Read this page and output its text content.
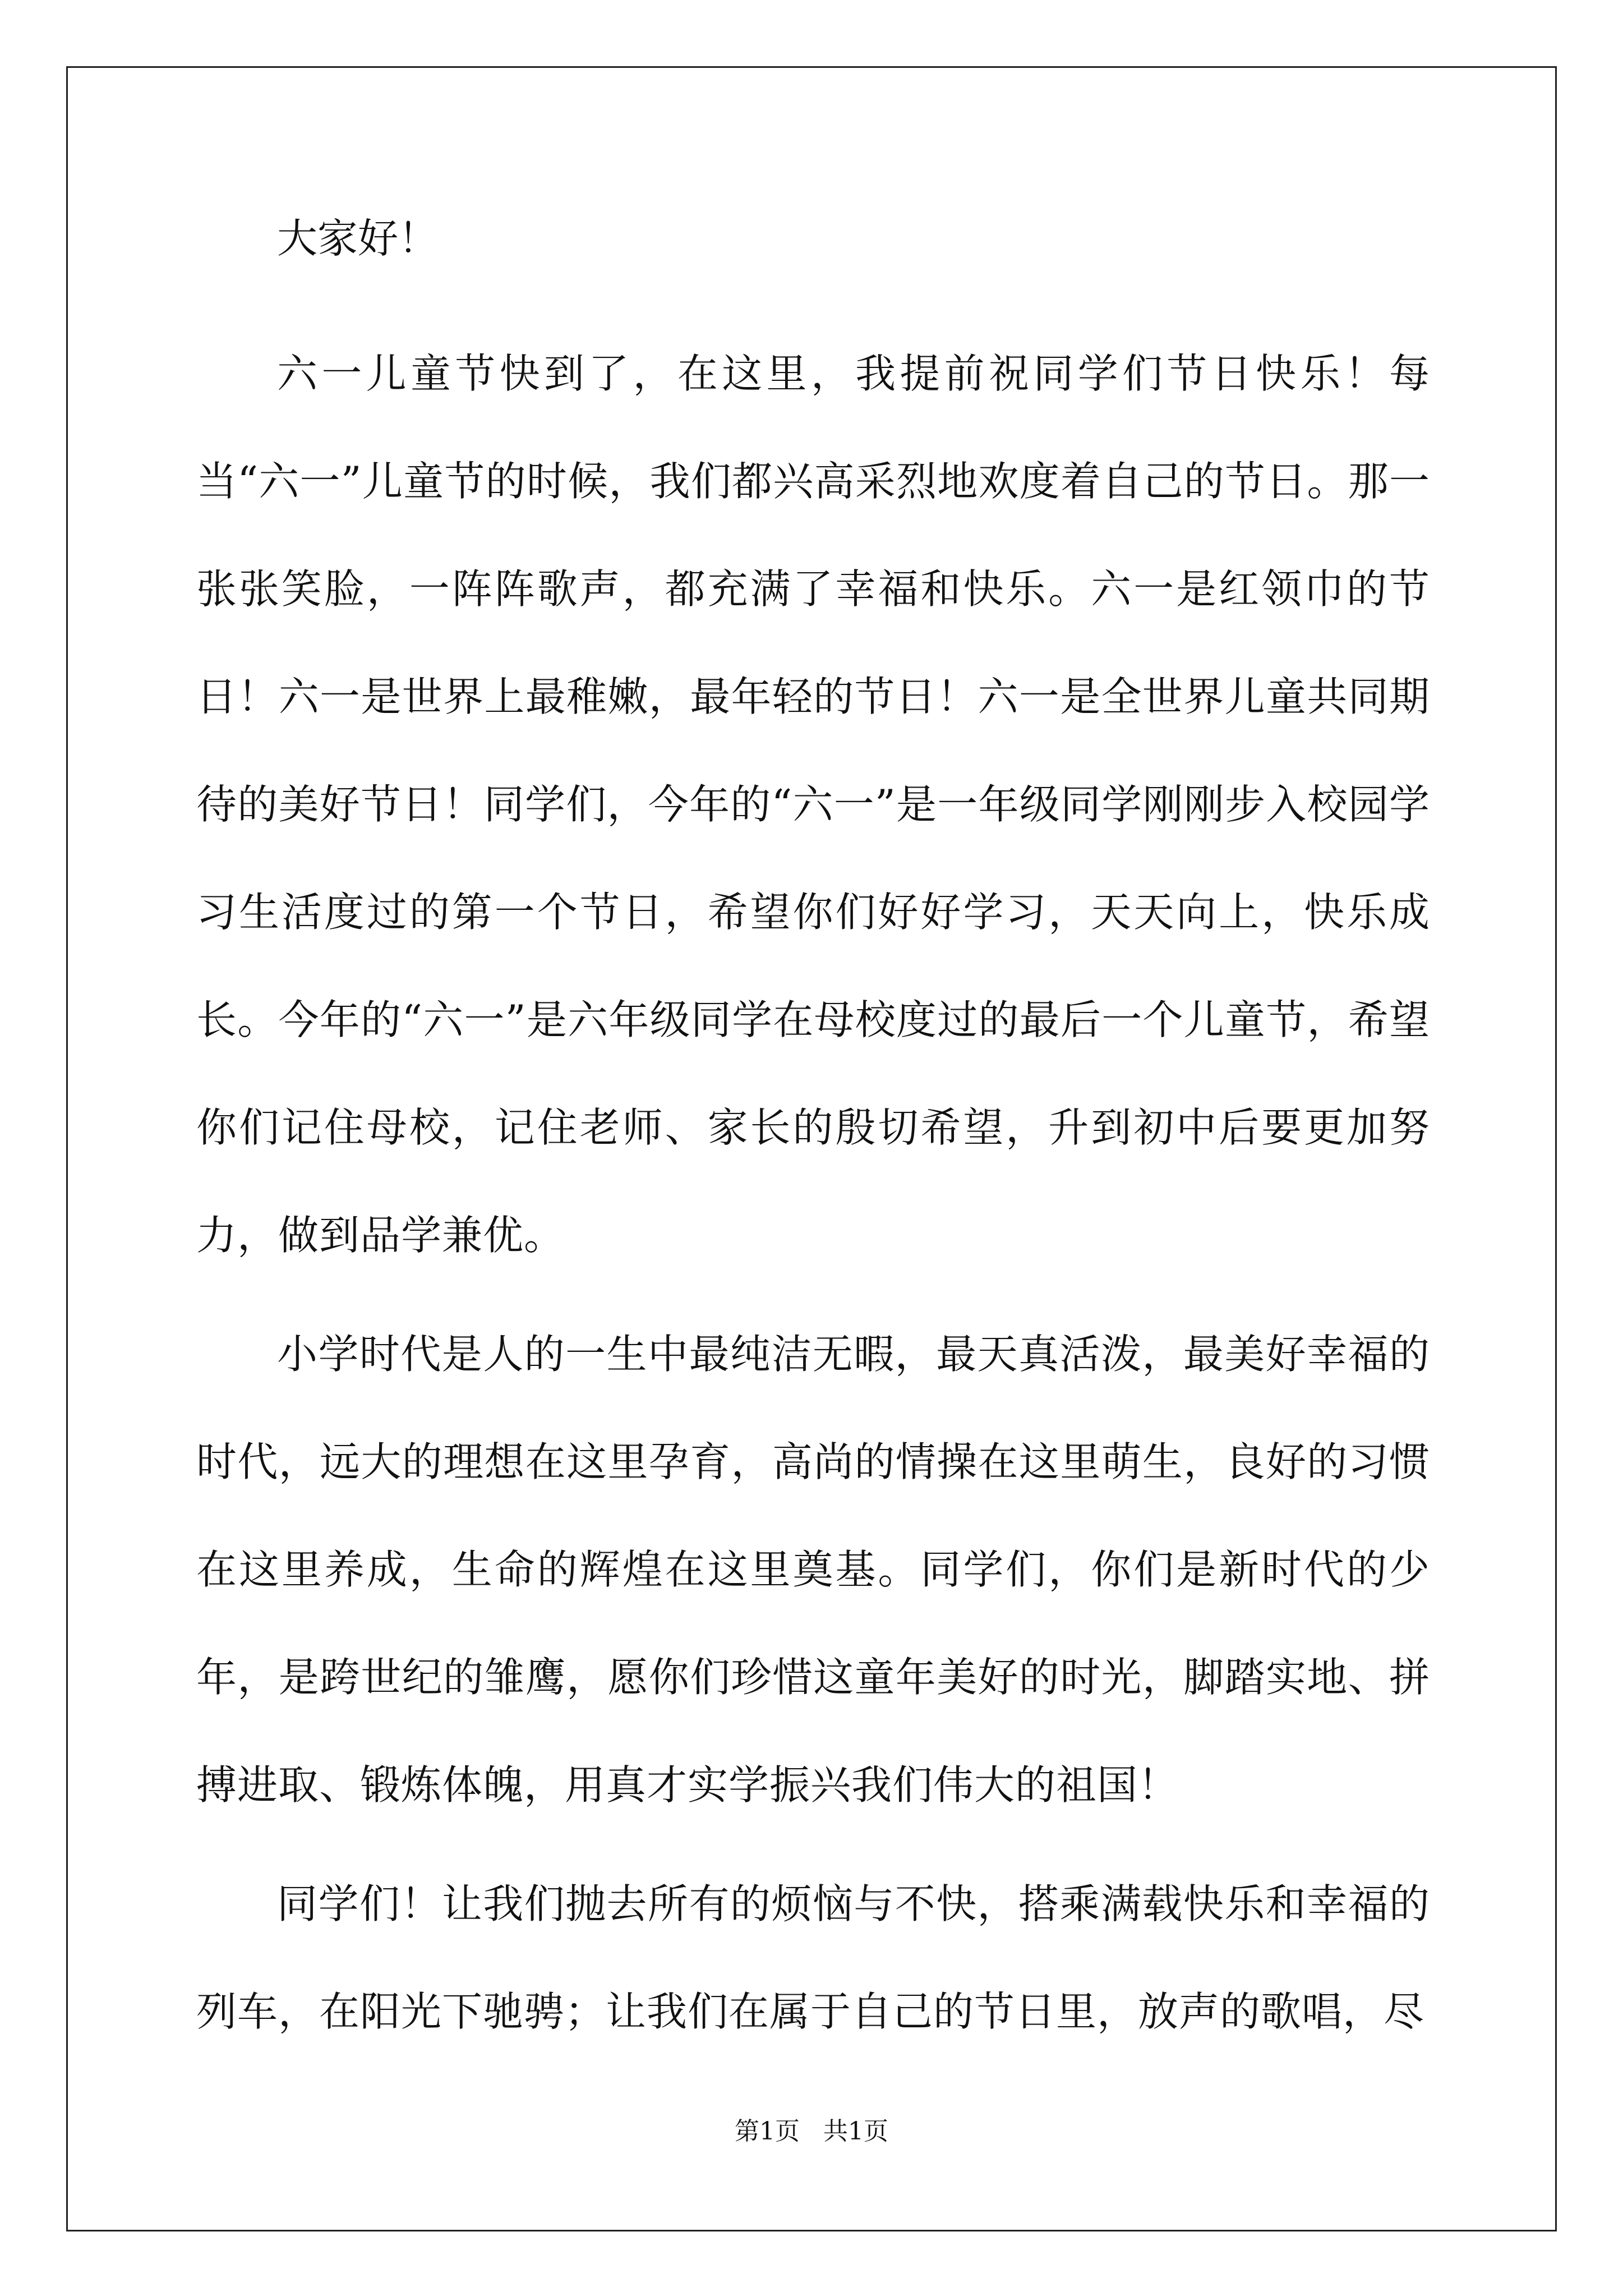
大家好！

六一儿童节快到了，在这里，我提前祝同学们节日快乐！每当“六一”儿童节的时候，我们都兴高采烈地欢度着自己的节日。那一张张笑脸，一阵阵歌声，都充满了幸福和快乐。六一是红领巾的节日！六一是世界上最稚嫩，最年轻的节日！六一是全世界儿童共同期待的美好节日！同学们，今年的“六一”是一年级同学刚刚步入校园学习生活度过的第一个节日，希望你们好好学习，天天向上，快乐成长。今年的“六一”是六年级同学在母校度过的最后一个儿童节，希望你们记住母校，记住老师、家长的殷切希望，升到初中后要更加努力，做到品学兼优。

小学时代是人的一生中最纯洁无暇，最天真活泼，最美好幸福的时代，远大的理想在这里孕育，高尚的情操在这里萌生，良好的习惯在这里养成，生命的辉煌在这里奠基。同学们，你们是新时代的少年，是跨世纪的雏鹰，愿你们珍惜这童年美好的时光，脚踏实地、拼搏进取、锻炼体魄，用真才实学振兴我们伟大的祖国！

同学们！让我们抛去所有的烦恼与不快，搭乘满载快乐和幸福的列车，在阳光下驰骋；让我们在属于自己的节日里，放声的歌唱，尽

第1页   共1页
